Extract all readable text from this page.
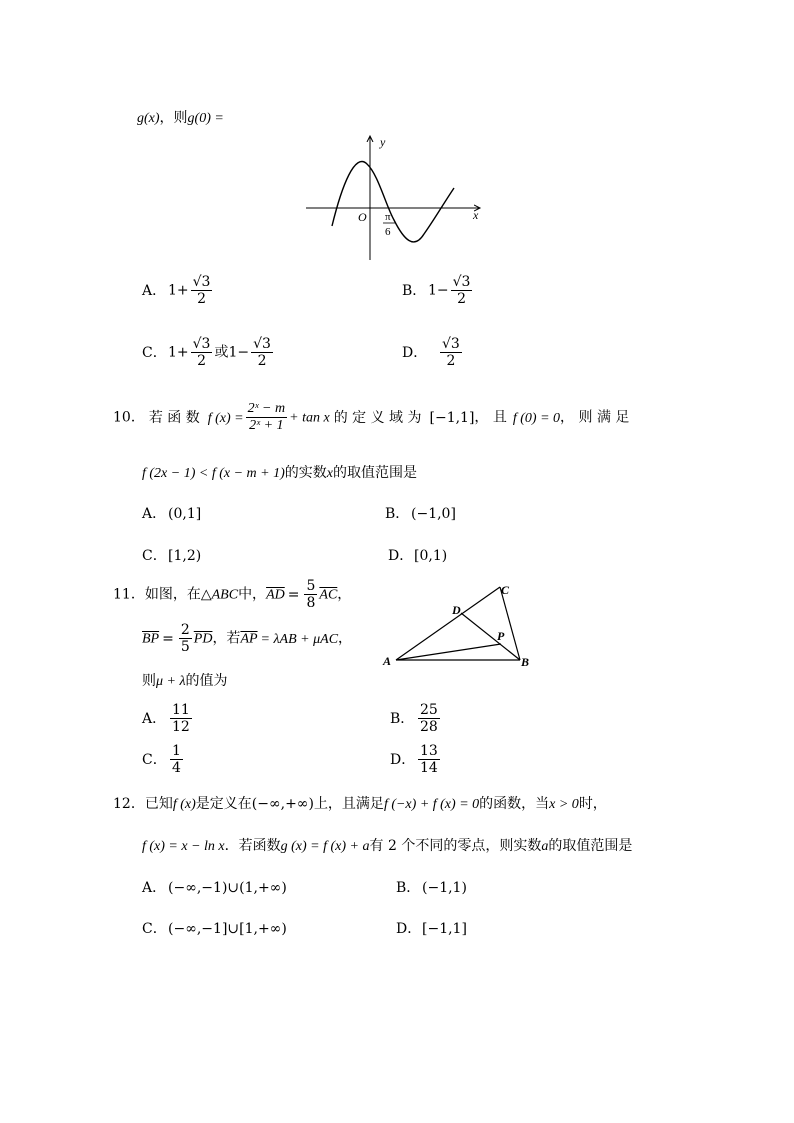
g(x)，则g(0) =
y
x
O π
6
A． $1+ \frac{√3}{2}$	B． $1- \frac{√3}{2}$
C．$1+ \frac{√3}{2}$ 或$1- \frac{√3}{2}$	D． $\frac{√3}{2}$
10． 若 函 数 f $(x) = \frac{\text{2ˣ − m}}{\text{2ˣ + 1}} + \tan x$ 的 定 义 域 为 [−1,1]， 且 f (0) = 0， 则 满 足
f (2x − 1) < f (x − m + 1)的实数x的取值范围是
A． (0,1]	B． (−1,0]
C．[1,2)	D．[0,1)
11．如图，在△ABC中，$\overline{AD} = \frac{5}{8} \overline{AC}$，
$\overline{BP} = \frac{2}{5} \overline{PD}$，若$\overline{AP} = \lambda AB + \mu AC$，
则μ + λ的值为
A	B
C
D
P
A． $\frac{11}{12}$	B． $\frac{25}{28}$
C． $\frac{1}{4}$	D． $\frac{13}{14}$
12．已知f (x)是定义在(−∞,+∞)上，且满足f (−x) + f (x) = 0的函数，当x > 0时，
f (x) = x − ln x．若函数g (x) = f (x) + a有 2 个不同的零点，则实数a的取值范围是
A． (−∞,−1)∪(1,+∞)	B． (−1,1)
C．(−∞,−1]∪[1,+∞)	D．[−1,1]
